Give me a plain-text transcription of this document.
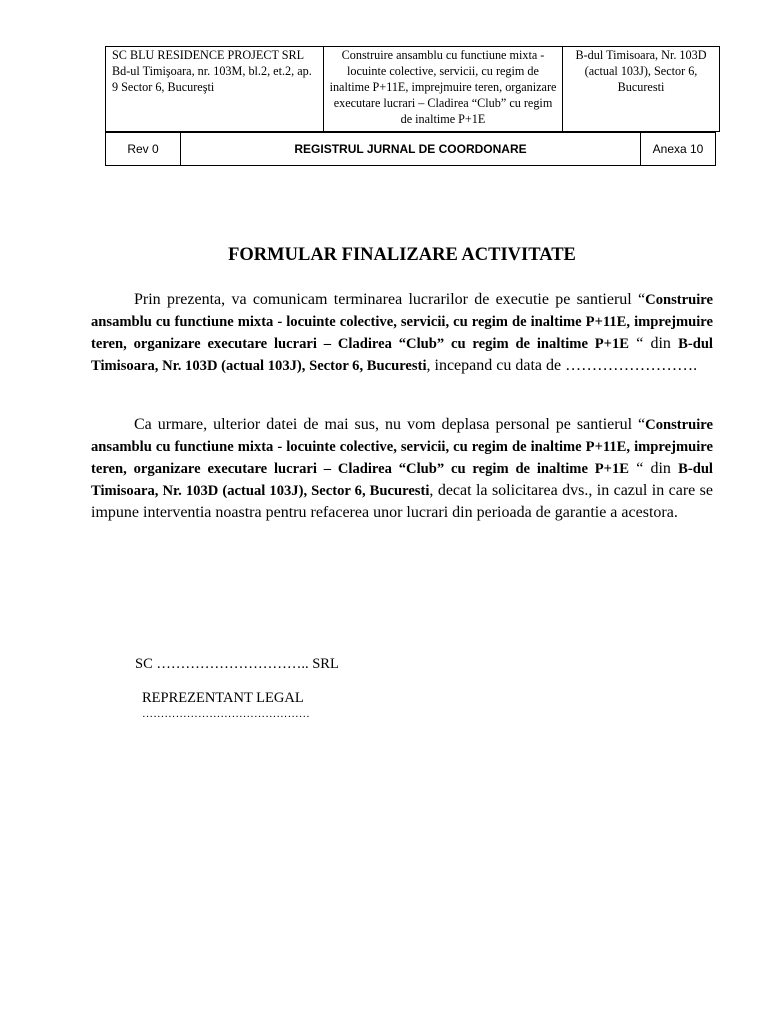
SC BLU RESIDENCE PROJECT SRL Bd-ul Timişoara, nr. 103M, bl.2, et.2, ap. 9 Sector 6, Bucureşti	Construire ansamblu cu functiune mixta - locuinte colective, servicii, cu regim de inaltime P+11E, imprejmuire teren, organizare executare lucrari – Cladirea “Club” cu regim de inaltime P+1E	B-dul Timisoara, Nr. 103D (actual 103J), Sector 6, Bucuresti
Rev 0	REGISTRUL JURNAL DE COORDONARE	Anexa 10
FORMULAR FINALIZARE ACTIVITATE

Prin prezenta, va comunicam terminarea lucrarilor de executie pe santierul “Construire ansamblu cu functiune mixta - locuinte colective, servicii, cu regim de inaltime P+11E, imprejmuire teren, organizare executare lucrari – Cladirea “Club” cu regim de inaltime P+1E “ din B-dul Timisoara, Nr. 103D (actual 103J), Sector 6, Bucuresti, incepand cu data de …………………….

Ca urmare, ulterior datei de mai sus, nu vom deplasa personal pe santierul “Construire ansamblu cu functiune mixta - locuinte colective, servicii, cu regim de inaltime P+11E, imprejmuire teren, organizare executare lucrari – Cladirea “Club” cu regim de inaltime P+1E “ din B-dul Timisoara, Nr. 103D (actual 103J), Sector 6, Bucuresti, decat la solicitarea dvs., in cazul in care se impune interventia noastra pentru refacerea unor lucrari din perioada de garantie a acestora.

SC ………………………….. SRL
REPREZENTANT LEGAL
………………………………………
